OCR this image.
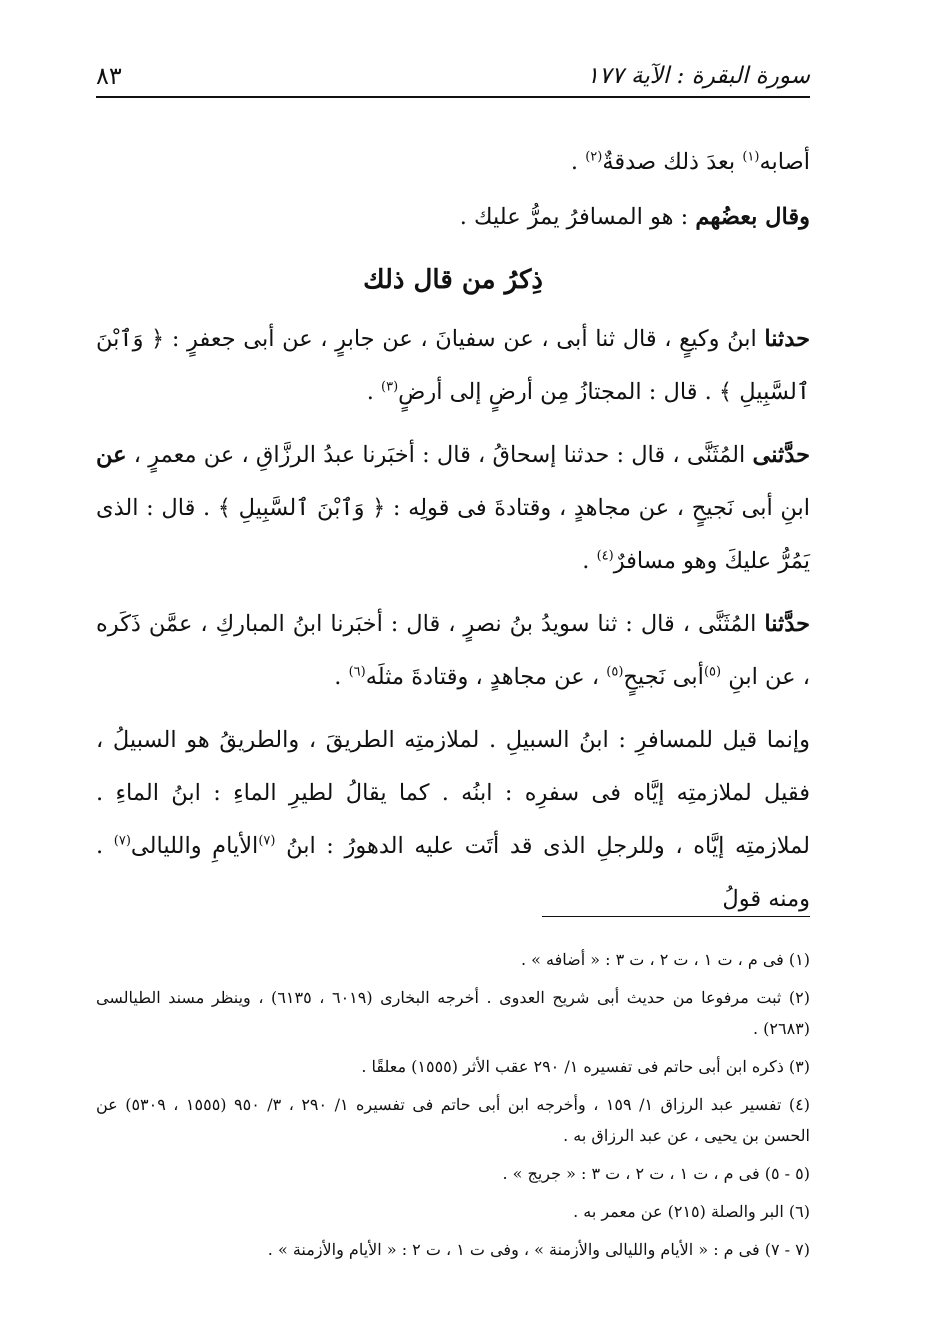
سورة البقرة : الآية ١٧٧
٨٣

أصابه$^{(١)}$ بعدَ ذلك صدقةٌ$^{(٢)}$ .

وقال بعضُهم : هو المسافرُ يمرُّ عليك .

ذِكرُ من قال ذلك

حدثنا ابنُ وكيعٍ ، قال ثنا أبى ، عن سفيانَ ، عن جابرٍ ، عن أبى جعفرٍ : ﴿ وَٱبْنَ ٱلسَّبِيلِ ﴾ . قال : المجتازُ مِن أرضٍ إلى أرضٍ$^{(٣)}$ .

حدَّثنى المُثَنَّى ، قال : حدثنا إسحاقُ ، قال : أخبَرنا عبدُ الرزَّاقِ ، عن معمرٍ ، عن ابنِ أبى نَجيحٍ ، عن مجاهدٍ ، وقتادةَ فى قولِه : ﴿ وَٱبْنَ ٱلسَّبِيلِ ﴾ . قال : الذى يَمُرُّ عليكَ وهو مسافرٌ$^{(٤)}$ .

حدَّثنا المُثَنَّى ، قال : ثنا سويدُ بنُ نصرٍ ، قال : أخبَرنا ابنُ المباركِ ، عمَّن ذَكَره ، عن ابنِ $^{(٥)}$أبى نَجيحٍ$^{(٥)}$ ، عن مجاهدٍ ، وقتادةَ مثلَه$^{(٦)}$ .

وإنما قيل للمسافرِ : ابنُ السبيلِ . لملازمتِه الطريقَ ، والطريقُ هو السبيلُ ، فقيل لملازمتِه إيَّاه فى سفرِه : ابنُه . كما يقالُ لطيرِ الماءِ : ابنُ الماءِ . لملازمتِه إيَّاه ، وللرجلِ الذى قد أتَت عليه الدهورُ : ابنُ $^{(٧)}$الأيامِ والليالى$^{(٧)}$ . ومنه قولُ

(١) فى م ، ت ١ ، ت ٢ ، ت ٣ : « أضافه » .

(٢) ثبت مرفوعا من حديث أبى شريح العدوى . أخرجه البخارى (٦٠١٩ ، ٦١٣٥) ، وينظر مسند الطيالسى (٢٦٨٣) .

(٣) ذكره ابن أبى حاتم فى تفسيره ١/ ٢٩٠ عقب الأثر (١٥٥٥) معلقًا .

(٤) تفسير عبد الرزاق ١/ ١٥٩ ، وأخرجه ابن أبى حاتم فى تفسيره ١/ ٢٩٠ ، ٣/ ٩٥٠ (١٥٥٥ ، ٥٣٠٩) عن الحسن بن يحيى ، عن عبد الرزاق به .

(٥ - ٥) فى م ، ت ١ ، ت ٢ ، ت ٣ : « جريج » .

(٦) البر والصلة (٢١٥) عن معمر به .

(٧ - ٧) فى م : « الأيام والليالى والأزمنة » ، وفى ت ١ ، ت ٢ : « الأيام والأزمنة » .
